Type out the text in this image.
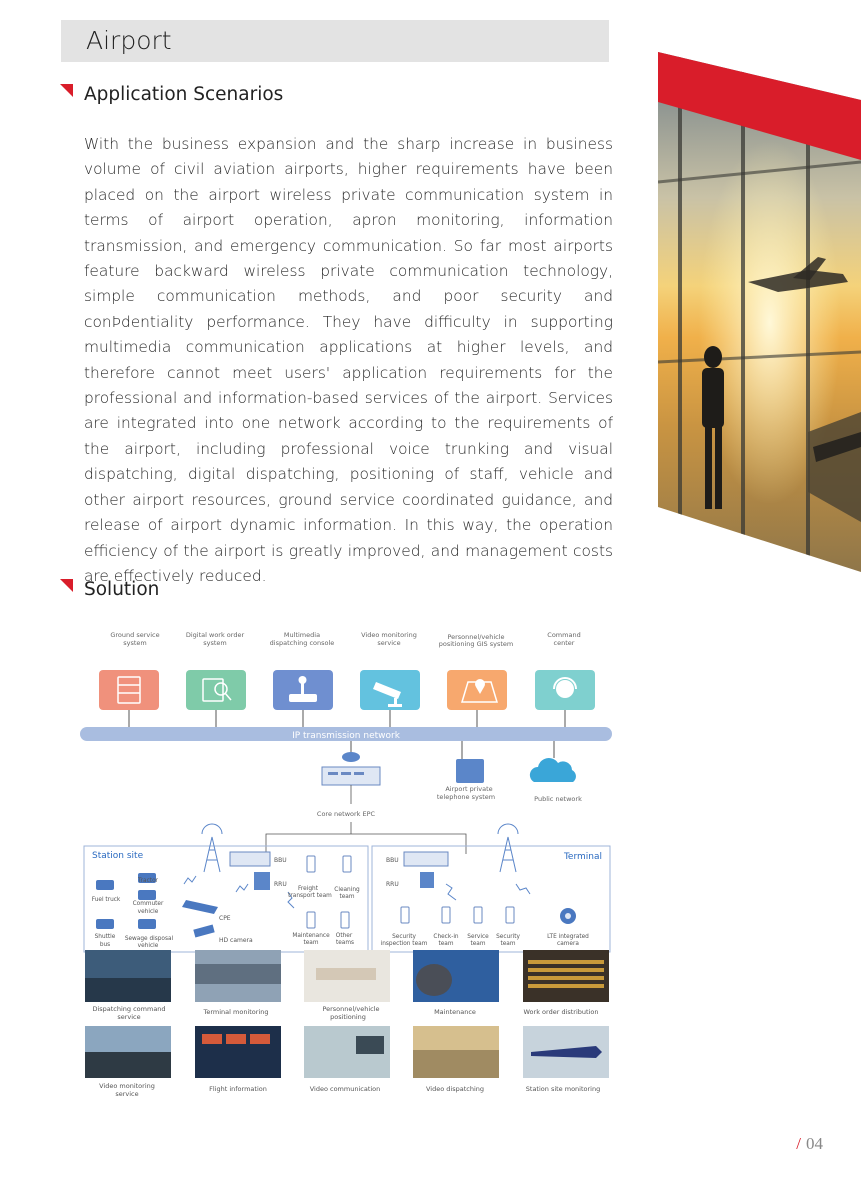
Airport
Application Scenarios

With the business expansion and the sharp increase in business volume of civil aviation airports, higher requirements have been placed on the airport wireless private communication system in terms of airport operation, apron monitoring, information transmission, and emergency communication. So far most airports feature backward wireless private communication technology, simple communication methods, and poor security and conÞdentiality performance. They have difficulty in supporting multimedia communication applications at higher levels, and therefore cannot meet users' application requirements for the professional and information-based services of the airport. Services are integrated into one network according to the requirements of the airport, including professional voice trunking and visual dispatching, digital dispatching, positioning of staff, vehicle and other airport resources, ground service coordinated guidance, and release of airport dynamic information. In this way, the operation efficiency of the airport is greatly improved, and management costs are effectively reduced.

Solution
Ground service
system
Digital work order
system
Multimedia
dispatching console
Video monitoring
service
Personnel/vehicle
positioning GIS system
Command
center
IP transmission network
Core network EPC
Airport private
telephone system	Public network
Station site	Terminal
BBU
RRU
BBU
RRU
Fuel truck
Tractor
Commuter
vehicle
Shuttle
bus
Sewage disposal
vehicle
CPE
HD camera
Freight
transport team
Cleaning
team
Maintenance
team
Other
teams
Security
inspection team
Check-in
team
Service
team
Security
team
LTE integrated
camera
Dispatching command
service
Terminal monitoring	Personnel/vehicle
positioning
Maintenance	Work order distribution
Video monitoring
service
Flight information	Video communication	Video dispatching	Station site monitoring
/ 04
